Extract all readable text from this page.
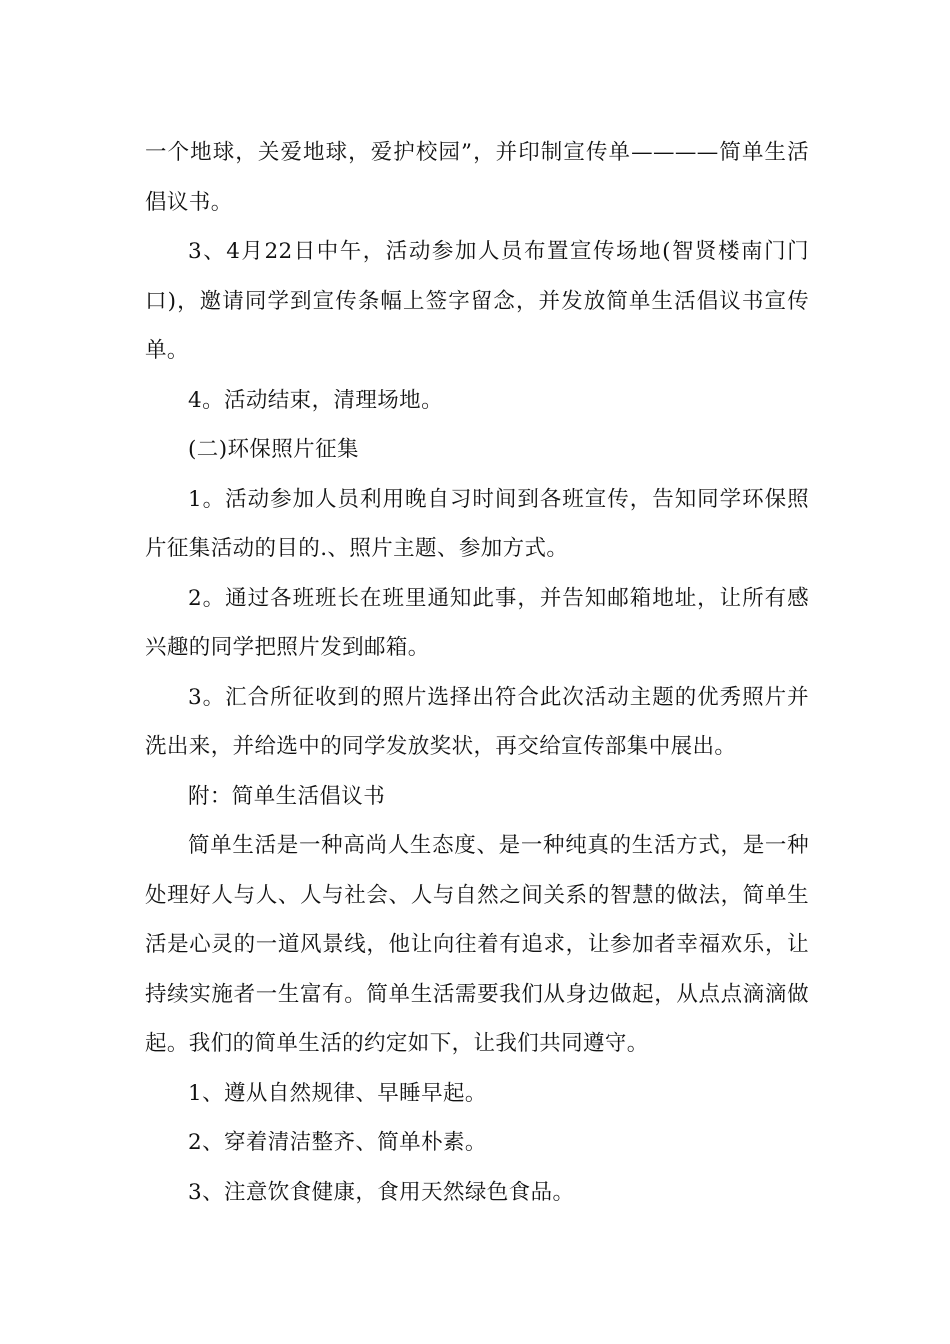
一个地球，关爱地球，爱护校园”，并印制宣传单————简单生活倡议书。

3、4月22日中午，活动参加人员布置宣传场地(智贤楼南门门口)，邀请同学到宣传条幅上签字留念，并发放简单生活倡议书宣传单。

4。活动结束，清理场地。

(二)环保照片征集

1。活动参加人员利用晚自习时间到各班宣传，告知同学环保照片征集活动的目的.、照片主题、参加方式。

2。通过各班班长在班里通知此事，并告知邮箱地址，让所有感兴趣的同学把照片发到邮箱。

3。汇合所征收到的照片选择出符合此次活动主题的优秀照片并洗出来，并给选中的同学发放奖状，再交给宣传部集中展出。

附：简单生活倡议书

简单生活是一种高尚人生态度、是一种纯真的生活方式，是一种处理好人与人、人与社会、人与自然之间关系的智慧的做法，简单生活是心灵的一道风景线，他让向往着有追求，让参加者幸福欢乐，让持续实施者一生富有。简单生活需要我们从身边做起，从点点滴滴做起。我们的简单生活的约定如下，让我们共同遵守。

1、遵从自然规律、早睡早起。

2、穿着清洁整齐、简单朴素。

3、注意饮食健康，食用天然绿色食品。
